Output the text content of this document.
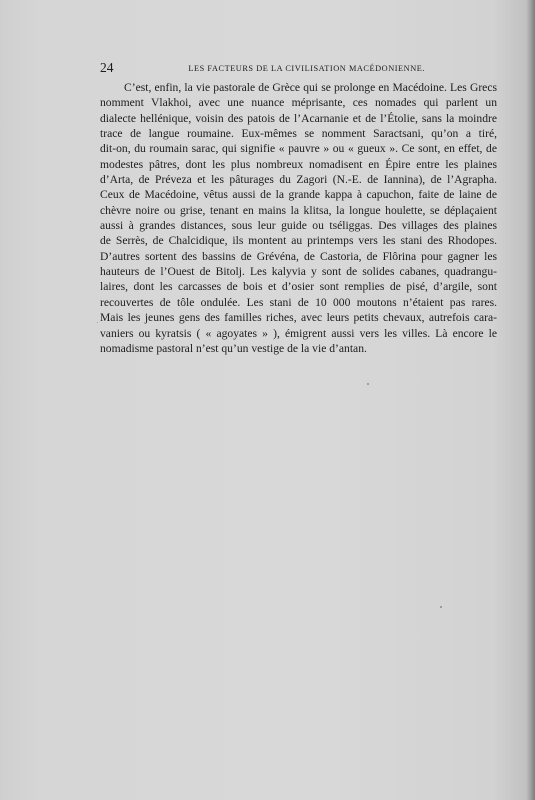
24	LES FACTEURS DE LA CIVILISATION MACÉDONIENNE.
C’est, enfin, la vie pastorale de Grèce qui se prolonge en Macédoine. Les Grecs
nomment Vlakhoi, avec une nuance méprisante, ces nomades qui parlent un
dialecte hellénique, voisin des patois de l’Acarnanie et de l’Étolie, sans la moindre
trace de langue roumaine. Eux-mêmes se nomment Saractsani, qu’on a tiré,
dit-on, du roumain sarac, qui signifie « pauvre » ou « gueux ». Ce sont, en effet, de
modestes pâtres, dont les plus nombreux nomadisent en Épire entre les plaines
d’Arta, de Préveza et les pâturages du Zagori (N.-E. de Iannina), de l’Agrapha.
Ceux de Macédoine, vêtus aussi de la grande kappa à capuchon, faite de laine de
chèvre noire ou grise, tenant en mains la klitsa, la longue houlette, se déplaçaient
aussi à grandes distances, sous leur guide ou tséliggas. Des villages des plaines
de Serrès, de Chalcidique, ils montent au printemps vers les stani des Rhodopes.
D’autres sortent des bassins de Grévéna, de Castoria, de Flôrina pour gagner les
hauteurs de l’Ouest de Bitolj. Les kalyvia y sont de solides cabanes, quadrangu-
laires, dont les carcasses de bois et d’osier sont remplies de pisé, d’argile, sont
recouvertes de tôle ondulée. Les stani de 10 000 moutons n’étaient pas rares.
Mais les jeunes gens des familles riches, avec leurs petits chevaux, autrefois cara-
vaniers ou kyratsis ( « agoyates » ), émigrent aussi vers les villes. Là encore le
nomadisme pastoral n’est qu’un vestige de la vie d’antan.
